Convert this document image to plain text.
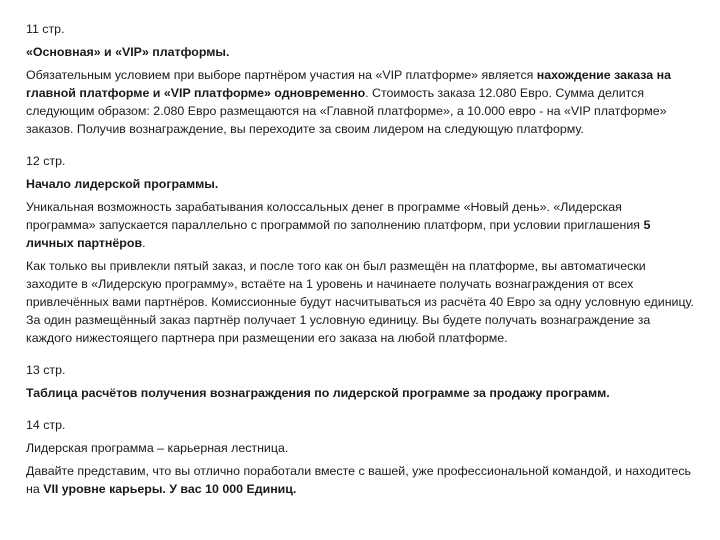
11 стр.
«Основная» и «VIP» платформы.
Обязательным условием при выборе партнёром участия на «VIP платформе» является нахождение заказа на главной платформе и «VIP платформе» одновременно. Стоимость заказа 12.080 Евро. Сумма делится следующим образом: 2.080 Евро размещаются на «Главной платформе», а 10.000 евро - на «VIP платформе» заказов. Получив вознаграждение, вы переходите за своим лидером на следующую платформу.
12 стр.
Начало лидерской программы.
Уникальная возможность зарабатывания колоссальных денег в программе «Новый день». «Лидерская программа» запускается параллельно с программой по заполнению платформ, при условии приглашения 5 личных партнёров.
Как только вы привлекли пятый заказ, и после того как он был размещён на платформе, вы автоматически заходите в «Лидерскую программу», встаёте на 1 уровень и начинаете получать вознаграждения от всех привлечённых вами партнёров. Комиссионные будут насчитываться из расчёта 40 Евро за одну условную единицу. За один размещённый заказ партнёр получает 1 условную единицу. Вы будете получать вознаграждение за каждого нижестоящего партнера при размещении его заказа на любой платформе.
13 стр.
Таблица расчётов получения вознаграждения по лидерской программе за продажу программ.
14 стр.
Лидерская программа – карьерная лестница.
Давайте представим, что вы отлично поработали вместе с вашей, уже профессиональной командой, и находитесь на VII уровне карьеры. У вас 10 000 Единиц.
